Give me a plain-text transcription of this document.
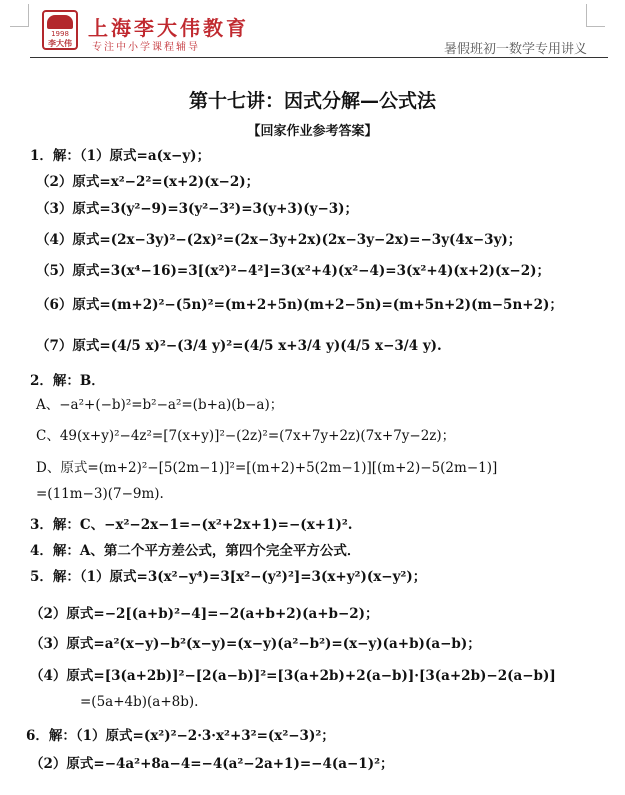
1998
李大伟
上海李大伟教育
专注中小学课程辅导	暑假班初一数学专用讲义
第十七讲：因式分解—公式法
【回家作业参考答案】
1．解：（1）原式=a(x−y)；
（2）原式=x²−2²=(x+2)(x−2)；
（3）原式=3(y²−9)=3(y²−3²)=3(y+3)(y−3)；
（4）原式=(2x−3y)²−(2x)²=(2x−3y+2x)(2x−3y−2x)=−3y(4x−3y)；
（5）原式=3(x⁴−16)=3[(x²)²−4²]=3(x²+4)(x²−4)=3(x²+4)(x+2)(x−2)；
（6）原式=(m+2)²−(5n)²=(m+2+5n)(m+2−5n)=(m+5n+2)(m−5n+2)；
（7）原式=(4/5 x)²−(3/4 y)²=(4/5 x+3/4 y)(4/5 x−3/4 y).
2．解：B．
A、−a²+(−b)²=b²−a²=(b+a)(b−a)；
C、49(x+y)²−4z²=[7(x+y)]²−(2z)²=(7x+7y+2z)(7x+7y−2z)；
D、原式=(m+2)²−[5(2m−1)]²=[(m+2)+5(2m−1)][(m+2)−5(2m−1)]
=(11m−3)(7−9m).
3．解：C、−x²−2x−1=−(x²+2x+1)=−(x+1)².
4．解：A、第二个平方差公式，第四个完全平方公式．
5．解：（1）原式=3(x²−y⁴)=3[x²−(y²)²]=3(x+y²)(x−y²)；
（2）原式=−2[(a+b)²−4]=−2(a+b+2)(a+b−2)；
（3）原式=a²(x−y)−b²(x−y)=(x−y)(a²−b²)=(x−y)(a+b)(a−b)；
（4）原式=[3(a+2b)]²−[2(a−b)]²=[3(a+2b)+2(a−b)]·[3(a+2b)−2(a−b)]
=(5a+4b)(a+8b).
6．解：（1）原式=(x²)²−2·3·x²+3²=(x²−3)²；
（2）原式=−4a²+8a−4=−4(a²−2a+1)=−4(a−1)²；
